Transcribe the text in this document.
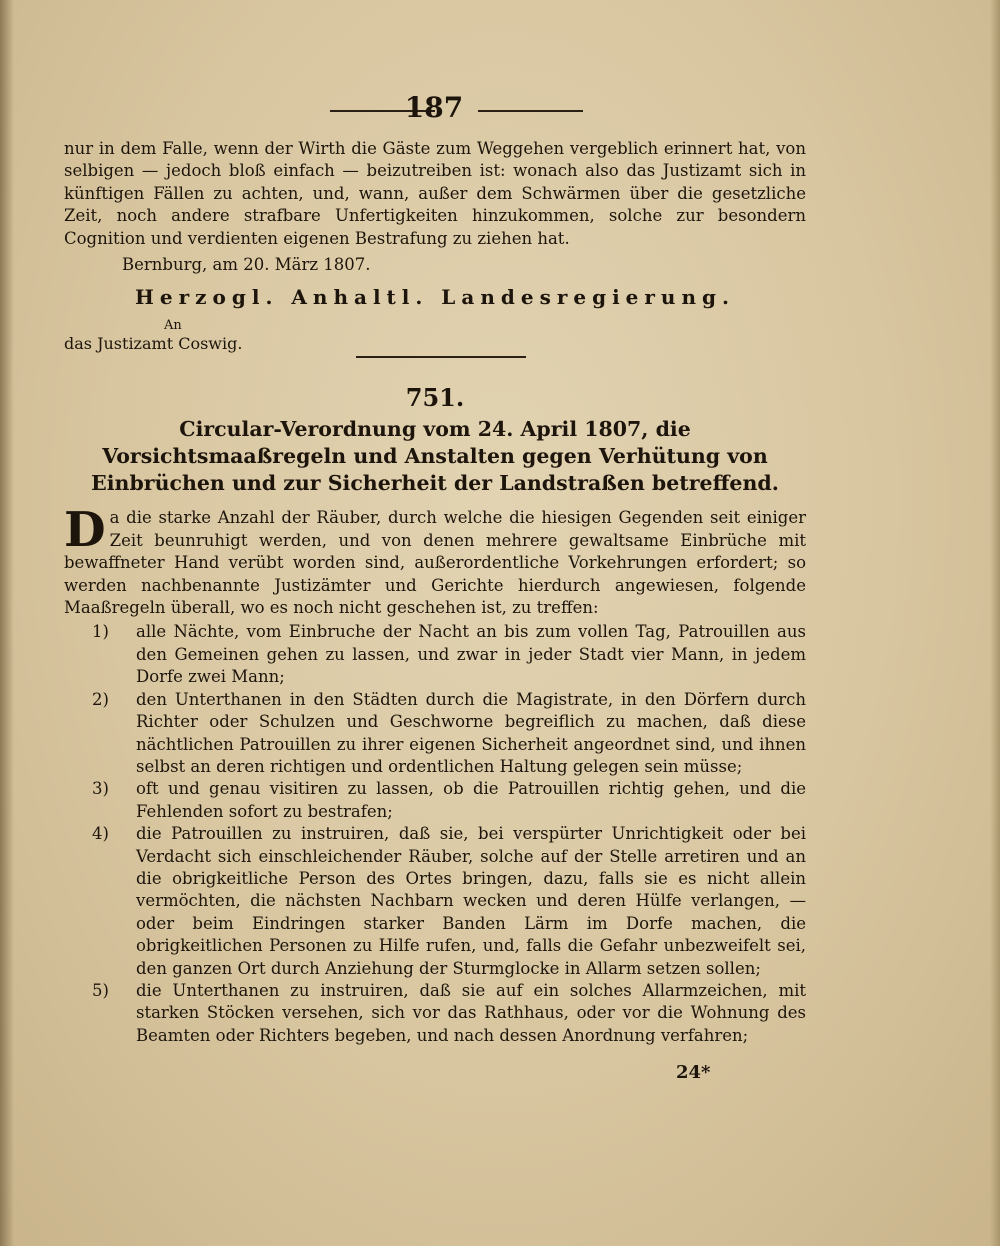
187

nur in dem Falle, wenn der Wirth die Gäste zum Weggehen vergeblich erinnert hat, von selbigen — jedoch bloß einfach — beizutreiben ist: wonach also das Justizamt sich in künftigen Fällen zu achten, und, wann, außer dem Schwärmen über die gesetzliche Zeit, noch andere strafbare Unfertigkeiten hinzukommen, solche zur besondern Cognition und verdienten eigenen Bestrafung zu ziehen hat.

Bernburg, am 20. März 1807.

Herzogl. Anhaltl. Landesregierung.
An
das Justizamt Coswig.
751.
Circular-Verordnung vom 24. April 1807, die Vorsichtsmaaßregeln und Anstalten gegen Verhütung von Einbrüchen und zur Sicherheit der Landstraßen betreffend.

D a die starke Anzahl der Räuber, durch welche die hiesigen Gegenden seit einiger Zeit beunruhigt werden, und von denen mehrere gewaltsame Einbrüche mit bewaffneter Hand verübt worden sind, außerordentliche Vorkehrungen erfordert; so werden nachbenannte Justizämter und Gerichte hierdurch angewiesen, folgende Maaßregeln überall, wo es noch nicht geschehen ist, zu treffen:

1) alle Nächte, vom Einbruche der Nacht an bis zum vollen Tag, Patrouillen aus den Gemeinen gehen zu lassen, und zwar in jeder Stadt vier Mann, in jedem Dorfe zwei Mann;
2) den Unterthanen in den Städten durch die Magistrate, in den Dörfern durch Richter oder Schulzen und Geschworne begreiflich zu machen, daß diese nächtlichen Patrouillen zu ihrer eigenen Sicherheit angeordnet sind, und ihnen selbst an deren richtigen und ordentlichen Haltung gelegen sein müsse;
3) oft und genau visitiren zu lassen, ob die Patrouillen richtig gehen, und die Fehlenden sofort zu bestrafen;
4) die Patrouillen zu instruiren, daß sie, bei verspürter Unrichtigkeit oder bei Verdacht sich einschleichender Räuber, solche auf der Stelle arretiren und an die obrigkeitliche Person des Ortes bringen, dazu, falls sie es nicht allein vermöchten, die nächsten Nachbarn wecken und deren Hülfe verlangen, — oder beim Eindringen starker Banden Lärm im Dorfe machen, die obrigkeitlichen Personen zu Hilfe rufen, und, falls die Gefahr unbezweifelt sei, den ganzen Ort durch Anziehung der Sturmglocke in Allarm setzen sollen;
5) die Unterthanen zu instruiren, daß sie auf ein solches Allarmzeichen, mit starken Stöcken versehen, sich vor das Rathhaus, oder vor die Wohnung des Beamten oder Richters begeben, und nach dessen Anordnung verfahren;
24*
